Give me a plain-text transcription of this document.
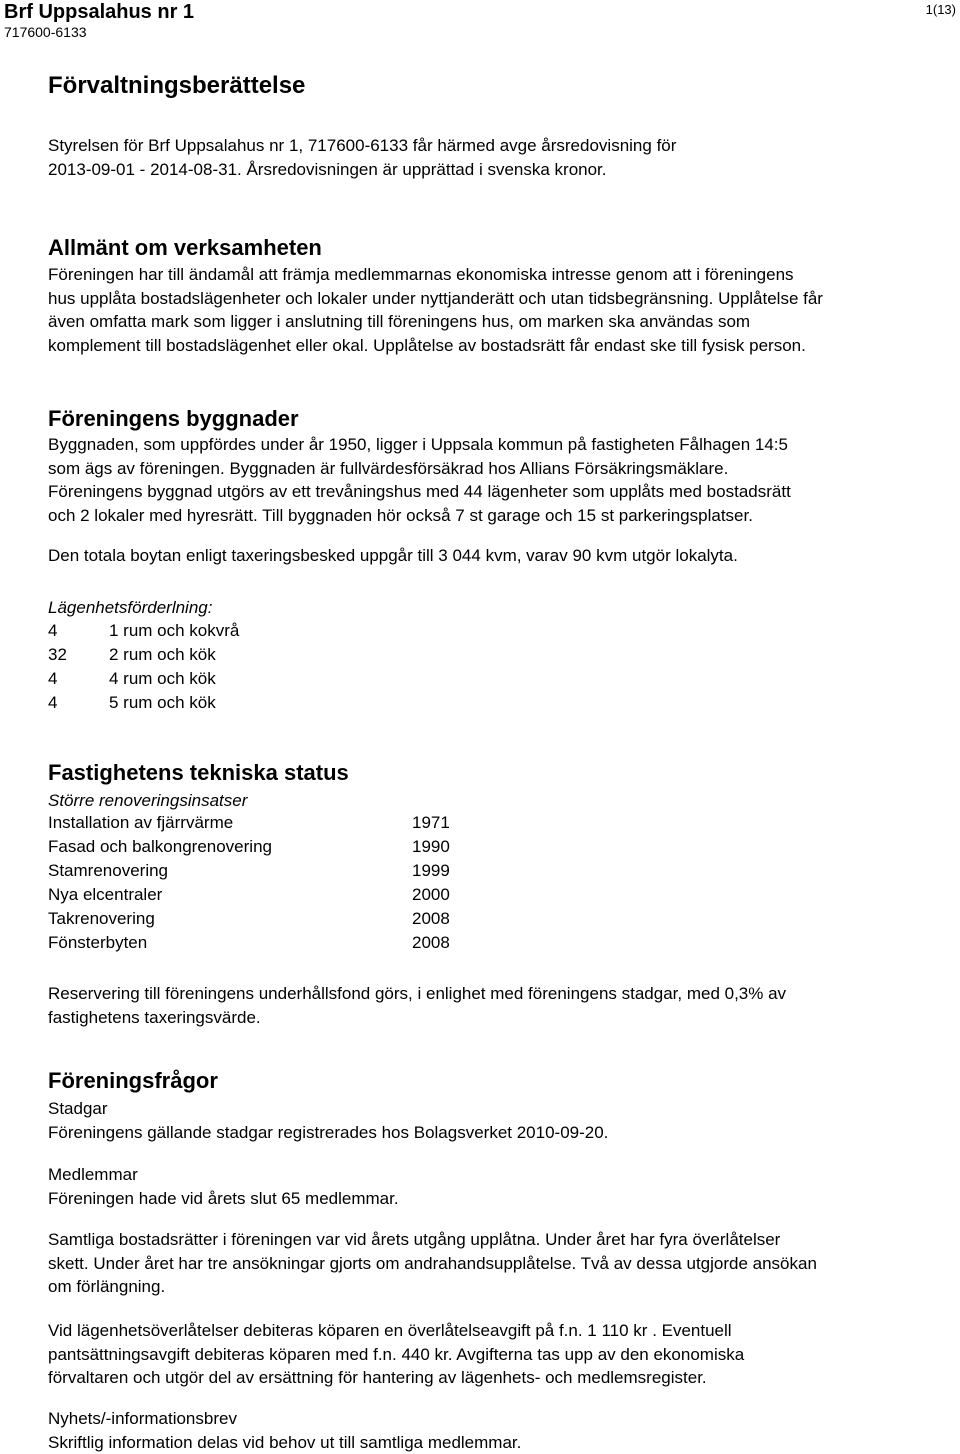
Brf Uppsalahus nr 1
717600-6133
1(13)
Förvaltningsberättelse
Styrelsen för Brf Uppsalahus nr 1, 717600-6133 får härmed avge årsredovisning för
2013-09-01 - 2014-08-31. Årsredovisningen är upprättad i svenska kronor.
Allmänt om verksamheten
Föreningen har till ändamål att främja medlemmarnas ekonomiska intresse genom att i föreningens
hus upplåta bostadslägenheter och lokaler under nyttjanderätt och utan tidsbegränsning. Upplåtelse får
även omfatta mark som ligger i anslutning till föreningens hus, om marken ska användas som
komplement till bostadslägenhet eller okal. Upplåtelse av bostadsrätt får endast ske till fysisk person.
Föreningens byggnader
Byggnaden, som uppfördes under år 1950, ligger i Uppsala kommun på fastigheten Fålhagen 14:5
som ägs av föreningen. Byggnaden är fullvärdesförsäkrad hos Allians Försäkringsmäklare.
Föreningens byggnad utgörs av ett trevåningshus med 44 lägenheter som upplåts med bostadsrätt
och 2 lokaler med hyresrätt. Till byggnaden hör också 7 st garage och 15 st parkeringsplatser.
Den totala boytan enligt taxeringsbesked uppgår till 3 044 kvm, varav 90 kvm utgör lokalyta.
Lägenhetsförderlning:
4	1 rum och kokvrå
32 2 rum och kök
4	4 rum och kök
4	5 rum och kök
Fastighetens tekniska status
Större renoveringsinsatser
Installation av fjärrvärme	1971
Fasad och balkongrenovering	1990
Stamrenovering	1999
Nya elcentraler	2000
Takrenovering	2008
Fönsterbyten	2008
Reservering till föreningens underhållsfond görs, i enlighet med föreningens stadgar, med 0,3% av
fastighetens taxeringsvärde.
Föreningsfrågor
Stadgar
Föreningens gällande stadgar registrerades hos Bolagsverket 2010-09-20.
Medlemmar
Föreningen hade vid årets slut 65 medlemmar.
Samtliga bostadsrätter i föreningen var vid årets utgång upplåtna. Under året har fyra överlåtelser
skett. Under året har tre ansökningar gjorts om andrahandsupplåtelse. Två av dessa utgjorde ansökan
om förlängning.
Vid lägenhetsöverlåtelser debiteras köparen en överlåtelseavgift på f.n. 1 110 kr . Eventuell
pantsättningsavgift debiteras köparen med f.n. 440 kr. Avgifterna tas upp av den ekonomiska
förvaltaren och utgör del av ersättning för hantering av lägenhets- och medlemsregister.
Nyhets/-informationsbrev
Skriftlig information delas vid behov ut till samtliga medlemmar.
